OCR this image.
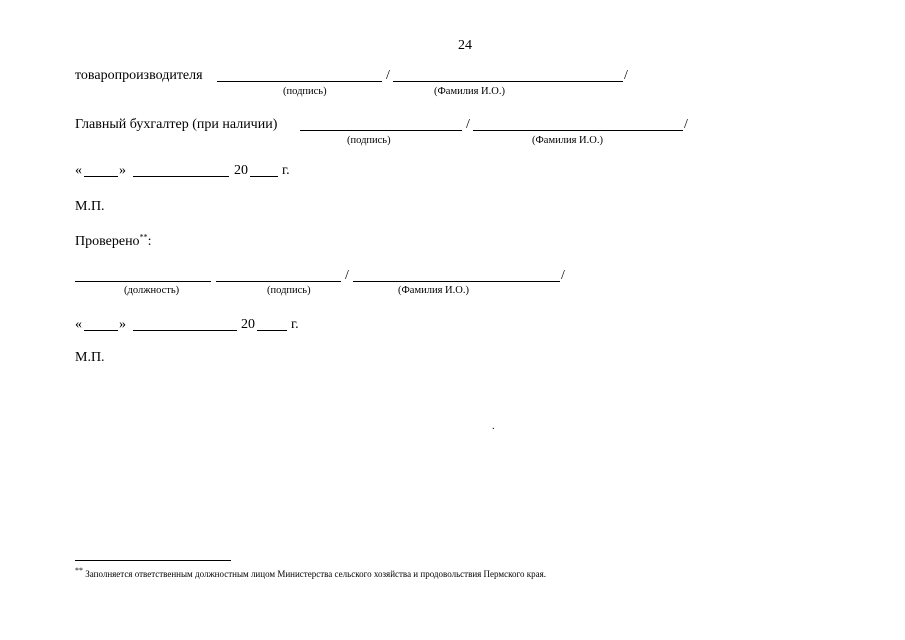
24
товаропроизводителя	/	/
(подпись)	(Фамилия И.О.)
Главный бухгалтер (при наличии)	/	/
(подпись)	(Фамилия И.О.)
«	»	20 г.
М.П.
Проверено**:
/	/
(должность)	(подпись)	(Фамилия И.О.)
«	»	20	г.
М.П.
.
** Заполняется ответственным должностным лицом Министерства сельского хозяйства и продовольствия Пермского края.
